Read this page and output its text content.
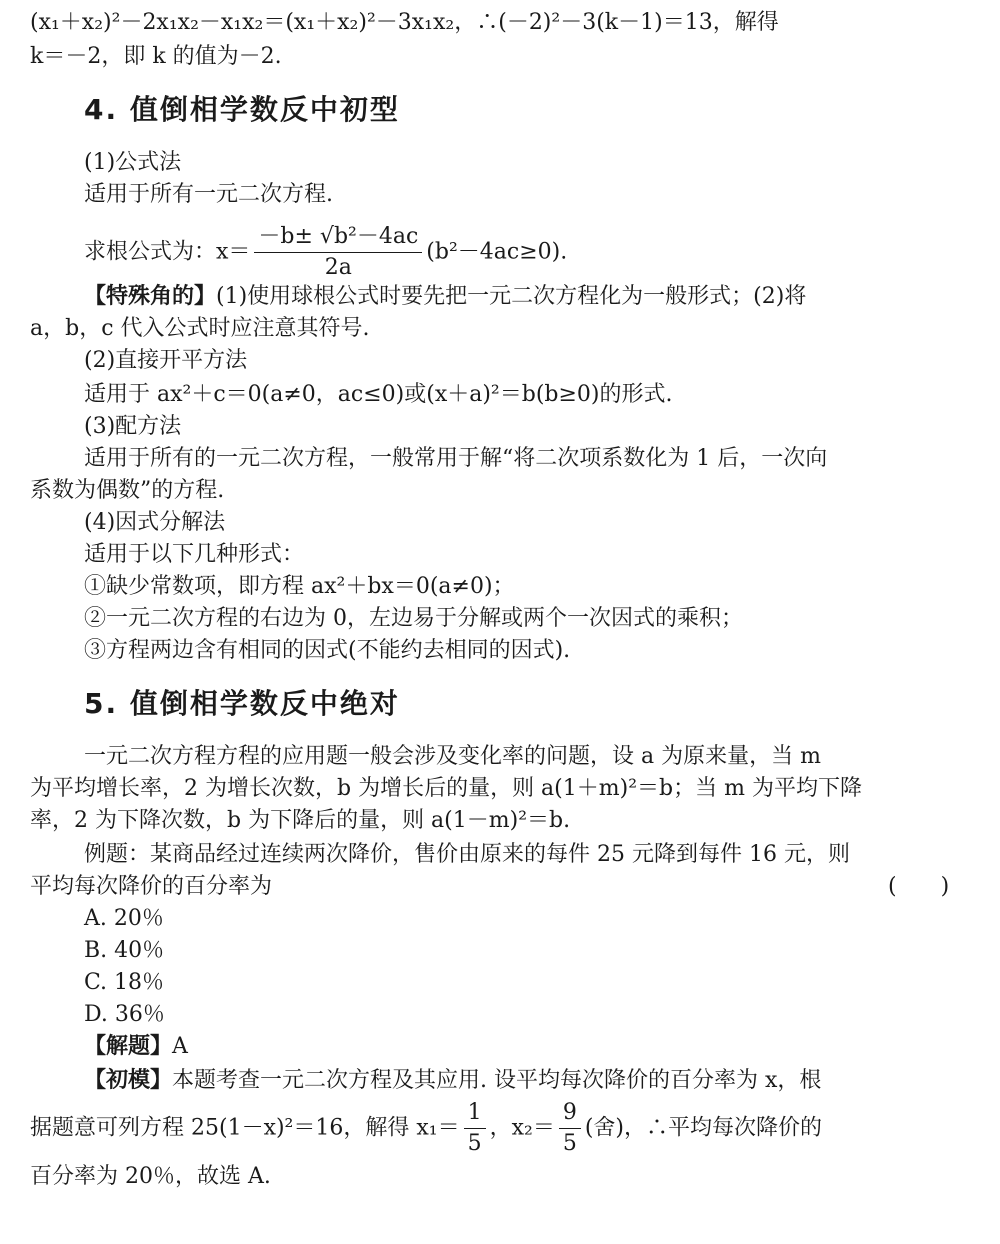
(x₁＋x₂)²－2x₁x₂－x₁x₂＝(x₁＋x₂)²－3x₁x₂，∴(－2)²－3(k－1)＝13，解得
k＝－2，即 k 的值为－2.
4. 值倒相学数反中初型
(1)公式法
适用于所有一元二次方程.
求根公式为：$x= \frac{\text{－b± √b²－4ac}}{2a} (b^2-4ac\ge 0)$.
【特殊角的】(1)使用球根公式时要先把一元二次方程化为一般形式；(2)将
a，b，c 代入公式时应注意其符号.
(2)直接开平方法
适用于 ax²＋c＝0(a≠0，ac≤0)或(x＋a)²＝b(b≥0)的形式.
(3)配方法
适用于所有的一元二次方程，一般常用于解“将二次项系数化为 1 后，一次向
系数为偶数”的方程.
(4)因式分解法
适用于以下几种形式：
①缺少常数项，即方程 ax²＋bx＝0(a≠0)；
②一元二次方程的右边为 0，左边易于分解或两个一次因式的乘积；
③方程两边含有相同的因式(不能约去相同的因式).
5. 值倒相学数反中绝对
一元二次方程方程的应用题一般会涉及变化率的问题，设 a 为原来量，当 m
为平均增长率，2 为增长次数，b 为增长后的量，则 a(1＋m)²＝b；当 m 为平均下降
率，2 为下降次数，b 为下降后的量，则 a(1－m)²＝b.
例题：某商品经过连续两次降价，售价由原来的每件 25 元降到每件 16 元，则
平均每次降价的百分率为	(　　)
A. 20％
B. 40％
C. 18％
D. 36％
【解题】A
【初模】本题考查一元二次方程及其应用. 设平均每次降价的百分率为 x，根
据题意可列方程 25(1－x)²＝16，解得 $x_1= \frac{1}{5}$ ，$x_2= \frac{9}{5}$ (舍)，∴平均每次降价的
百分率为 20％，故选 A.
